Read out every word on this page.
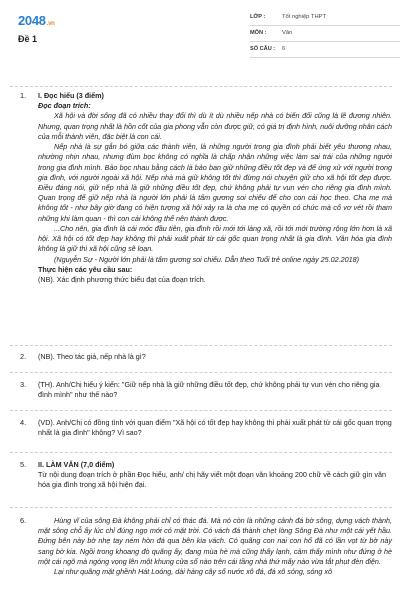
2048.vn
Đề 1
LỚP :	Tốt nghiệp THPT
MÔN :	Văn
SỐ CÂU :	6
1. I. Đọc hiểu (3 điểm)
Đọc đoạn trích:
Xã hội và đời sống đã có nhiều thay đổi thì dù ít dù nhiều nếp nhà có biến đổi cũng là lẽ đương nhiên. Nhưng, quan trọng nhất là hồn cốt của gia phong vẫn còn được giữ, có giá trị định hình, nuôi dưỡng nhân cách của mỗi thành viên, đặc biệt là con cái.
Nếp nhà là sự gắn bó giữa các thành viên, là những người trong gia đình phải biết yêu thương nhau, nhường nhịn nhau, nhưng đùm bọc không có nghĩa là chấp nhận những việc làm sai trái của những người trong gia đình mình. Bảo bọc nhau bằng cách là bảo ban giữ những điều tốt đẹp và để ứng xử với người trong gia đình, với người ngoài xã hội. Nếp nhà mà giữ không tốt thì đừng nói chuyện giữ cho xã hội tốt đẹp được. Điều đáng nói, giữ nếp nhà là giữ những điều tốt đẹp, chứ không phải tự vun vén cho riêng gia đình mình. Quan trọng để giữ nếp nhà là người lớn phải là tấm gương soi chiếu để cho con cái học theo. Cha mẹ mà không tốt - như bây giờ đang có hiện tượng xã hội xảy ra là cha mẹ có quyền có chức mà cố vơ vét rồi tham những khi làm quan - thì con cái không thể nên thành được.
...Cho nên, gia đình là cái móc đầu tiên, gia đình rồi mới tới làng xã, rồi tới mới trường rộng lớn hơn là xã hội. Xã hội có tốt đẹp hay không thì phải xuất phát từ cái gốc quan trọng nhất là gia đình. Văn hóa gia đình không là giữ thì xã hội cũng sẽ loạn.
(Nguyễn Sự - Người lớn phải là tấm gương soi chiếu. Dẫn theo Tuổi trẻ online ngày 25.02.2018)
Thực hiện các yêu cầu sau:
(NB). Xác định phương thức biểu đạt của đoạn trích.
2. (NB). Theo tác giả, nếp nhà là gì?
3. (TH). Anh/Chị hiểu ý kiến: "Giữ nếp nhà là giữ những điều tốt đẹp, chứ không phải tự vun vén cho riêng gia đình mình" như thế nào?
4. (VD). Anh/Chị có đồng tình với quan điểm "Xã hội có tốt đẹp hay không thì phải xuất phát từ cái gốc quan trọng nhất là gia đình" không? Vì sao?
5. II. LÀM VĂN (7,0 điểm)
Từ nội dung đoạn trích ở phần Đọc hiểu, anh/ chị hãy viết một đoạn văn khoảng 200 chữ về cách giữ gìn văn hóa gia đình trong xã hội hiện đại.
6.	Hùng vĩ của sông Đà không phải chỉ có thác đá. Mà nó còn là những cảnh đá bờ sông, dựng vách thành, mặt sông chỗ ấy lúc chỉ đúng ngọ mới có mặt trời. Có vách đá thành chẹt lòng Sông Đà như một cái yết hầu. Đứng bên này bờ nhẹ tay ném hòn đá qua bên kia vách. Có quãng con nai con hổ đã có lần vọt từ bờ này sang bờ kia. Ngồi trong khoang đò quãng ấy, đang mùa hè mà cũng thấy lạnh, cảm thấy mình như đứng ở hè một cái ngõ mà ngóng vọng lên một khung cửa sổ nào trên cái tầng nhà thứ mấy nào vừa tắt phụt đèn điện.
Lại như quãng mặt ghềnh Hát Loóng, dài hàng cây số nước xô đá, đá xô sóng, sóng xô
